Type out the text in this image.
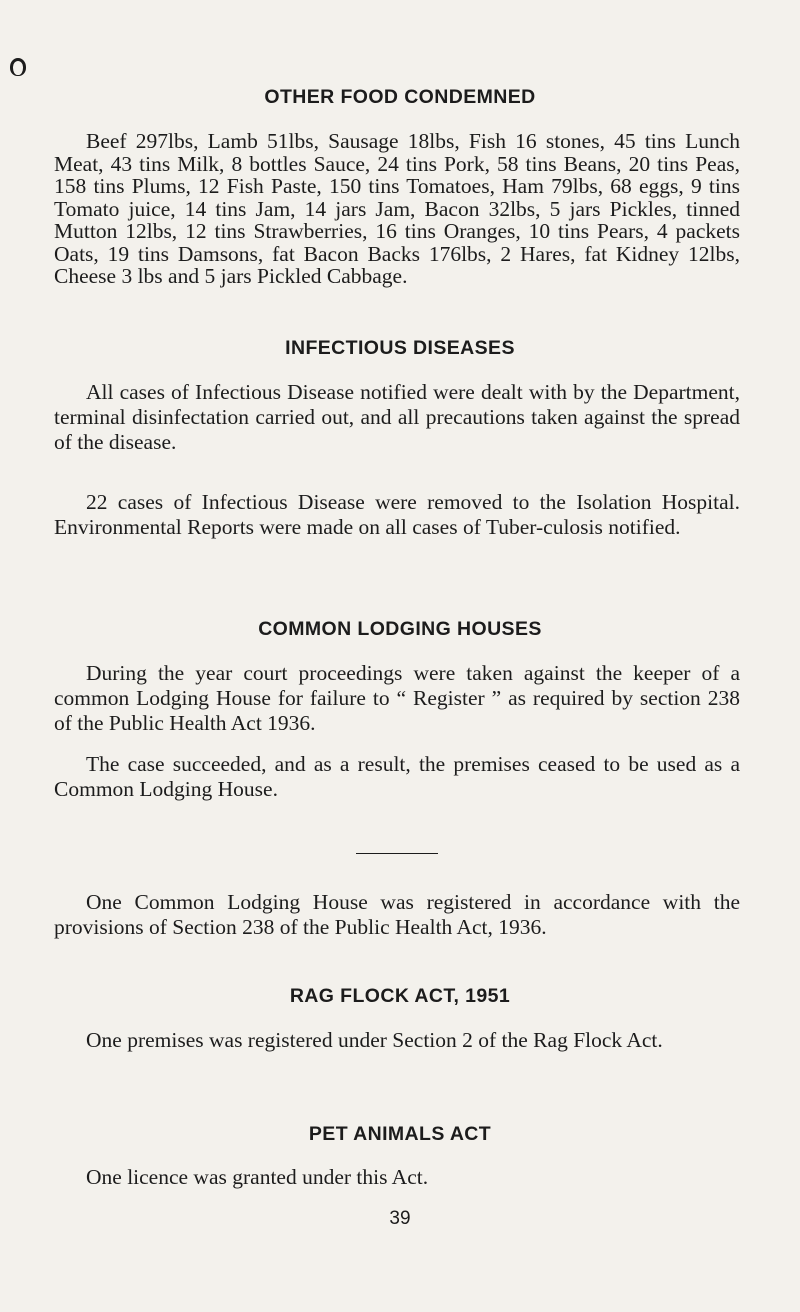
OTHER FOOD CONDEMNED

Beef 297lbs, Lamb 51lbs, Sausage 18lbs, Fish 16 stones, 45 tins Lunch Meat, 43 tins Milk, 8 bottles Sauce, 24 tins Pork, 58 tins Beans, 20 tins Peas, 158 tins Plums, 12 Fish Paste, 150 tins Tomatoes, Ham 79lbs, 68 eggs, 9 tins Tomato juice, 14 tins Jam, 14 jars Jam, Bacon 32lbs, 5 jars Pickles, tinned Mutton 12lbs, 12 tins Strawberries, 16 tins Oranges, 10 tins Pears, 4 packets Oats, 19 tins Damsons, fat Bacon Backs 176lbs, 2 Hares, fat Kidney 12lbs, Cheese 3 lbs and 5 jars Pickled Cabbage.

INFECTIOUS DISEASES

All cases of Infectious Disease notified were dealt with by the Department, terminal disinfectation carried out, and all precautions taken against the spread of the disease.

22 cases of Infectious Disease were removed to the Isolation Hospital. Environmental Reports were made on all cases of Tuber-culosis notified.

COMMON LODGING HOUSES

During the year court proceedings were taken against the keeper of a common Lodging House for failure to “ Register ” as required by section 238 of the Public Health Act 1936.

The case succeeded, and as a result, the premises ceased to be used as a Common Lodging House.

One Common Lodging House was registered in accordance with the provisions of Section 238 of the Public Health Act, 1936.

RAG FLOCK ACT, 1951

One premises was registered under Section 2 of the Rag Flock Act.

PET ANIMALS ACT

One licence was granted under this Act.

39
